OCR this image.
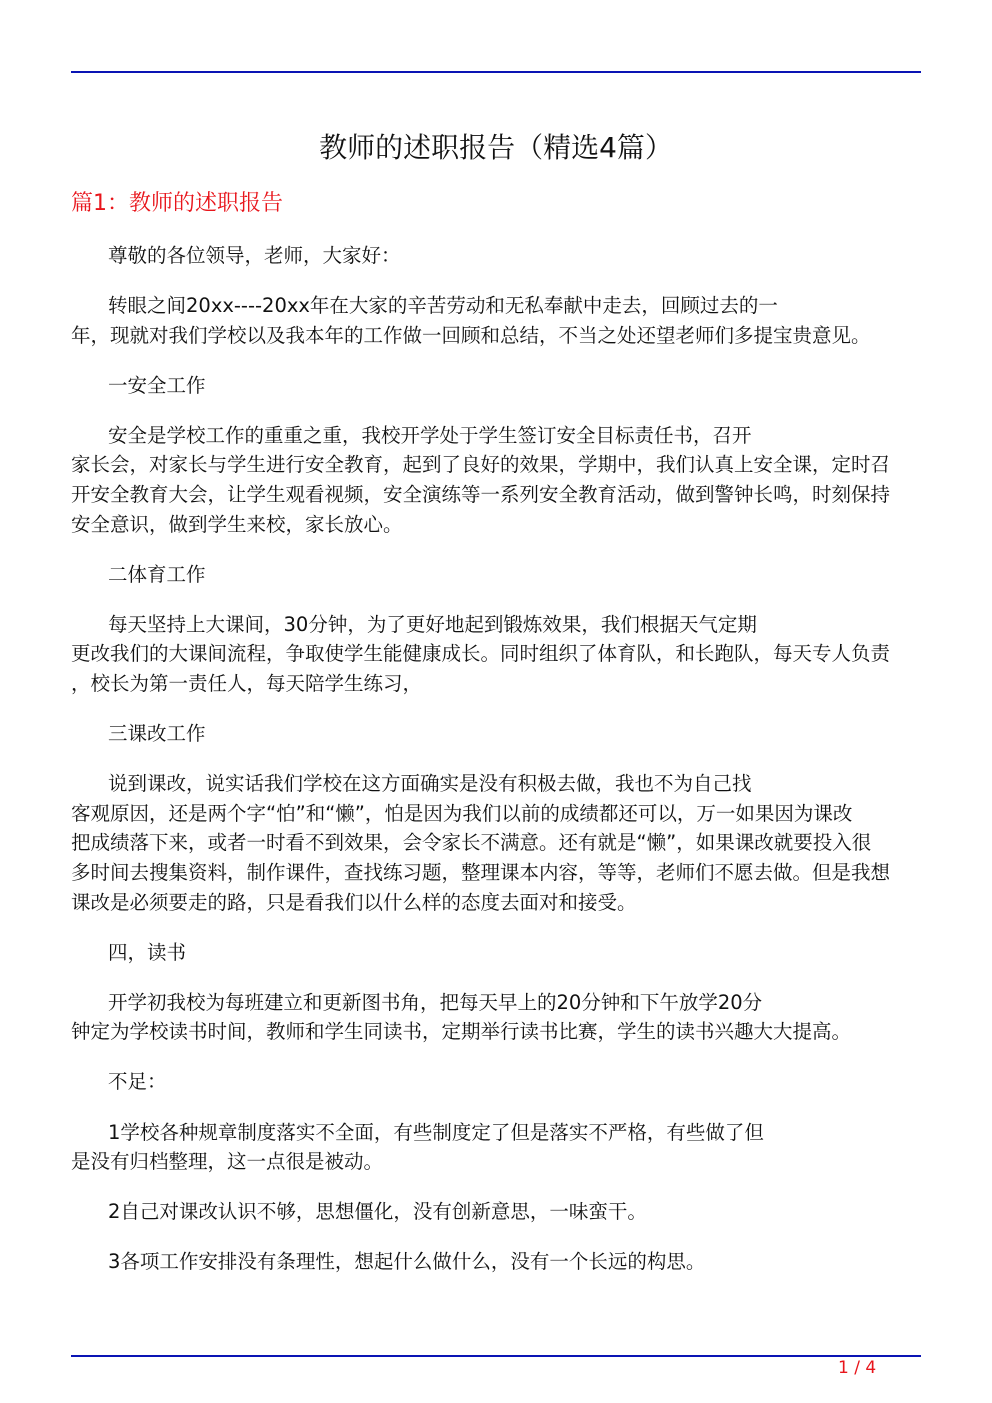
教师的述职报告（精选4篇）
篇1：教师的述职报告
尊敬的各位领导，老师，大家好：
转眼之间20xx----20xx年在大家的辛苦劳动和无私奉献中走去，回顾过去的一
年，现就对我们学校以及我本年的工作做一回顾和总结，不当之处还望老师们多提宝贵意见。
一安全工作
安全是学校工作的重重之重，我校开学处于学生签订安全目标责任书，召开
家长会，对家长与学生进行安全教育，起到了良好的效果，学期中，我们认真上安全课，定时召
开安全教育大会，让学生观看视频，安全演练等一系列安全教育活动，做到警钟长鸣，时刻保持
安全意识，做到学生来校，家长放心。
二体育工作
每天坚持上大课间，30分钟，为了更好地起到锻炼效果，我们根据天气定期
更改我们的大课间流程，争取使学生能健康成长。同时组织了体育队，和长跑队，每天专人负责
，校长为第一责任人，每天陪学生练习，
三课改工作
说到课改，说实话我们学校在这方面确实是没有积极去做，我也不为自己找
客观原因，还是两个字“怕”和“懒”，怕是因为我们以前的成绩都还可以，万一如果因为课改
把成绩落下来，或者一时看不到效果，会令家长不满意。还有就是“懒”，如果课改就要投入很
多时间去搜集资料，制作课件，查找练习题，整理课本内容，等等，老师们不愿去做。但是我想
课改是必须要走的路，只是看我们以什么样的态度去面对和接受。
四，读书
开学初我校为每班建立和更新图书角，把每天早上的20分钟和下午放学20分
钟定为学校读书时间，教师和学生同读书，定期举行读书比赛，学生的读书兴趣大大提高。
不足：
1学校各种规章制度落实不全面，有些制度定了但是落实不严格，有些做了但
是没有归档整理，这一点很是被动。
2自己对课改认识不够，思想僵化，没有创新意思，一味蛮干。
3各项工作安排没有条理性，想起什么做什么，没有一个长远的构思。
1 / 4
